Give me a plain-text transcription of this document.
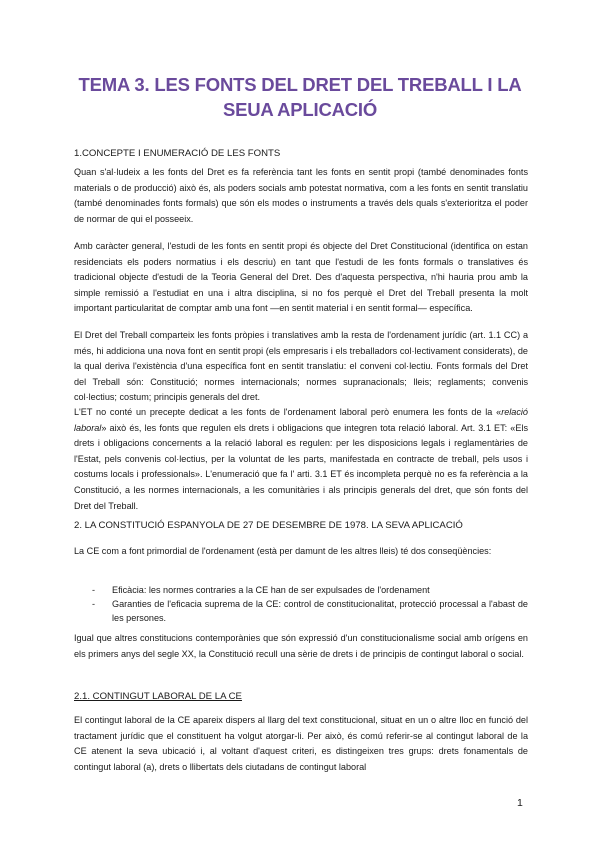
TEMA 3. LES FONTS DEL DRET DEL TREBALL I LA SEUA APLICACIÓ
1.CONCEPTE I ENUMERACIÓ DE LES FONTS
Quan s'al·ludeix a les fonts del Dret es fa referència tant les fonts en sentit propi (també denominades fonts materials o de producció) això és, als poders socials amb potestat normativa, com a les fonts en sentit translatiu (també denominades fonts formals) que són els modes o instruments a través dels quals s'exterioritza el poder de normar de qui el posseeix.
Amb caràcter general, l'estudi de les fonts en sentit propi és objecte del Dret Constitucional (identifica on estan residenciats els poders normatius i els descriu) en tant que l'estudi de les fonts formals o translatives és tradicional objecte d'estudi de la Teoria General del Dret. Des d'aquesta perspectiva, n'hi hauria prou amb la simple remissió a l'estudiat en una i altra disciplina, si no fos perquè el Dret del Treball presenta la molt important particularitat de comptar amb una font —en sentit material i en sentit formal— específica.
El Dret del Treball comparteix les fonts pròpies i translatives amb la resta de l'ordenament jurídic (art. 1.1 CC) a més, hi addiciona una nova font en sentit propi (els empresaris i els treballadors col·lectivament considerats), de la qual deriva l'existència d'una específica font en sentit translatiu: el conveni col·lectiu. Fonts formals del Dret del Treball són: Constitució; normes internacionals; normes supranacionals; lleis; reglaments; convenis col·lectius; costum; principis generals del dret.
L'ET no conté un precepte dedicat a les fonts de l'ordenament laboral però enumera les fonts de la «relació laboral» això és, les fonts que regulen els drets i obligacions que integren tota relació laboral. Art. 3.1 ET: «Els drets i obligacions concernents a la relació laboral es regulen: per les disposicions legals i reglamentàries de l'Estat, pels convenis col·lectius, per la voluntat de les parts, manifestada en contracte de treball, pels usos i costums locals i professionals». L'enumeració que fa l' arti. 3.1 ET és incompleta perquè no es fa referència a la Constitució, a les normes internacionals, a les comunitàries i als principis generals del dret, que són fonts del Dret del Treball.
2. LA CONSTITUCIÓ ESPANYOLA DE 27 DE DESEMBRE DE 1978. LA SEVA APLICACIÓ
La CE com a font primordial de l'ordenament (està per damunt de les altres lleis) té dos conseqüències:
- Eficàcia: les normes contraries a la CE han de ser expulsades de l'ordenament
- Garanties de l'eficacia suprema de la CE: control de constitucionalitat, protecció processal a l'abast de les persones.
Igual que altres constitucions contemporànies que són expressió d'un constitucionalisme social amb orígens en els primers anys del segle XX, la Constitució recull una sèrie de drets i de principis de contingut laboral o social.
2.1. CONTINGUT LABORAL DE LA CE
El contingut laboral de la CE apareix dispers al llarg del text constitucional, situat en un o altre lloc en funció del tractament jurídic que el constituent ha volgut atorgar-li. Per això, és comú referir-se al contingut laboral de la CE atenent la seva ubicació i, al voltant d'aquest criteri, es distingeixen tres grups: drets fonamentals de contingut laboral (a), drets o llibertats dels ciutadans de contingut laboral
1
